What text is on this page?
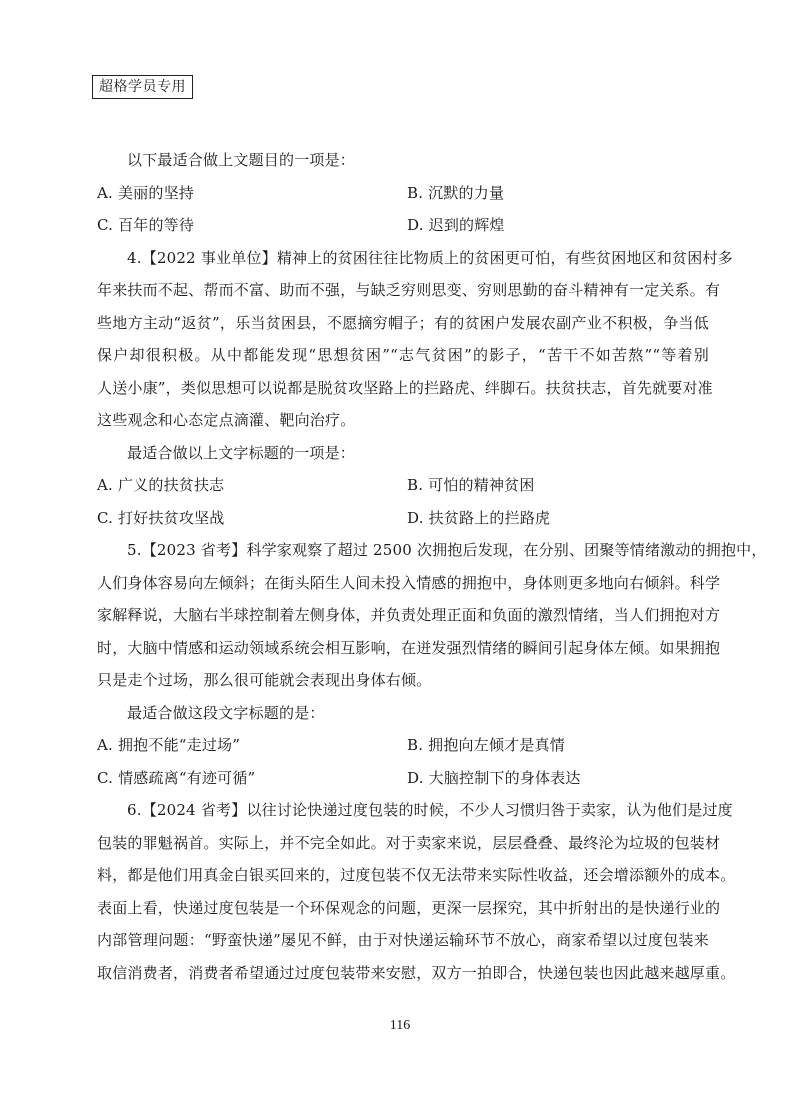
超格学员专用
以下最适合做上文题目的一项是：
A. 美丽的坚持	B. 沉默的力量
C. 百年的等待	D. 迟到的辉煌
4.【2022 事业单位】精神上的贫困往往比物质上的贫困更可怕，有些贫困地区和贫困村多
年来扶而不起、帮而不富、助而不强，与缺乏穷则思变、穷则思勤的奋斗精神有一定关系。有
些地方主动“返贫”，乐当贫困县，不愿摘穷帽子；有的贫困户发展农副产业不积极，争当低
保户却很积极。从中都能发现“思想贫困”“志气贫困”的影子，“苦干不如苦熬”“等着别
人送小康”，类似思想可以说都是脱贫攻坚路上的拦路虎、绊脚石。扶贫扶志，首先就要对准
这些观念和心态定点滴灌、靶向治疗。
最适合做以上文字标题的一项是：
A. 广义的扶贫扶志	B. 可怕的精神贫困
C. 打好扶贫攻坚战	D. 扶贫路上的拦路虎
5.【2023 省考】科学家观察了超过 2500 次拥抱后发现，在分别、团聚等情绪激动的拥抱中，
人们身体容易向左倾斜；在街头陌生人间未投入情感的拥抱中，身体则更多地向右倾斜。科学
家解释说，大脑右半球控制着左侧身体，并负责处理正面和负面的激烈情绪，当人们拥抱对方
时，大脑中情感和运动领域系统会相互影响，在迸发强烈情绪的瞬间引起身体左倾。如果拥抱
只是走个过场，那么很可能就会表现出身体右倾。
最适合做这段文字标题的是：
A. 拥抱不能“走过场”	B. 拥抱向左倾才是真情
C. 情感疏离“有迹可循”	D. 大脑控制下的身体表达
6.【2024 省考】以往讨论快递过度包装的时候，不少人习惯归咎于卖家，认为他们是过度
包装的罪魁祸首。实际上，并不完全如此。对于卖家来说，层层叠叠、最终沦为垃圾的包装材
料，都是他们用真金白银买回来的，过度包装不仅无法带来实际性收益，还会增添额外的成本。
表面上看，快递过度包装是一个环保观念的问题，更深一层探究，其中折射出的是快递行业的
内部管理问题：“野蛮快递”屡见不鲜，由于对快递运输环节不放心，商家希望以过度包装来
取信消费者，消费者希望通过过度包装带来安慰，双方一拍即合，快递包装也因此越来越厚重。
116
